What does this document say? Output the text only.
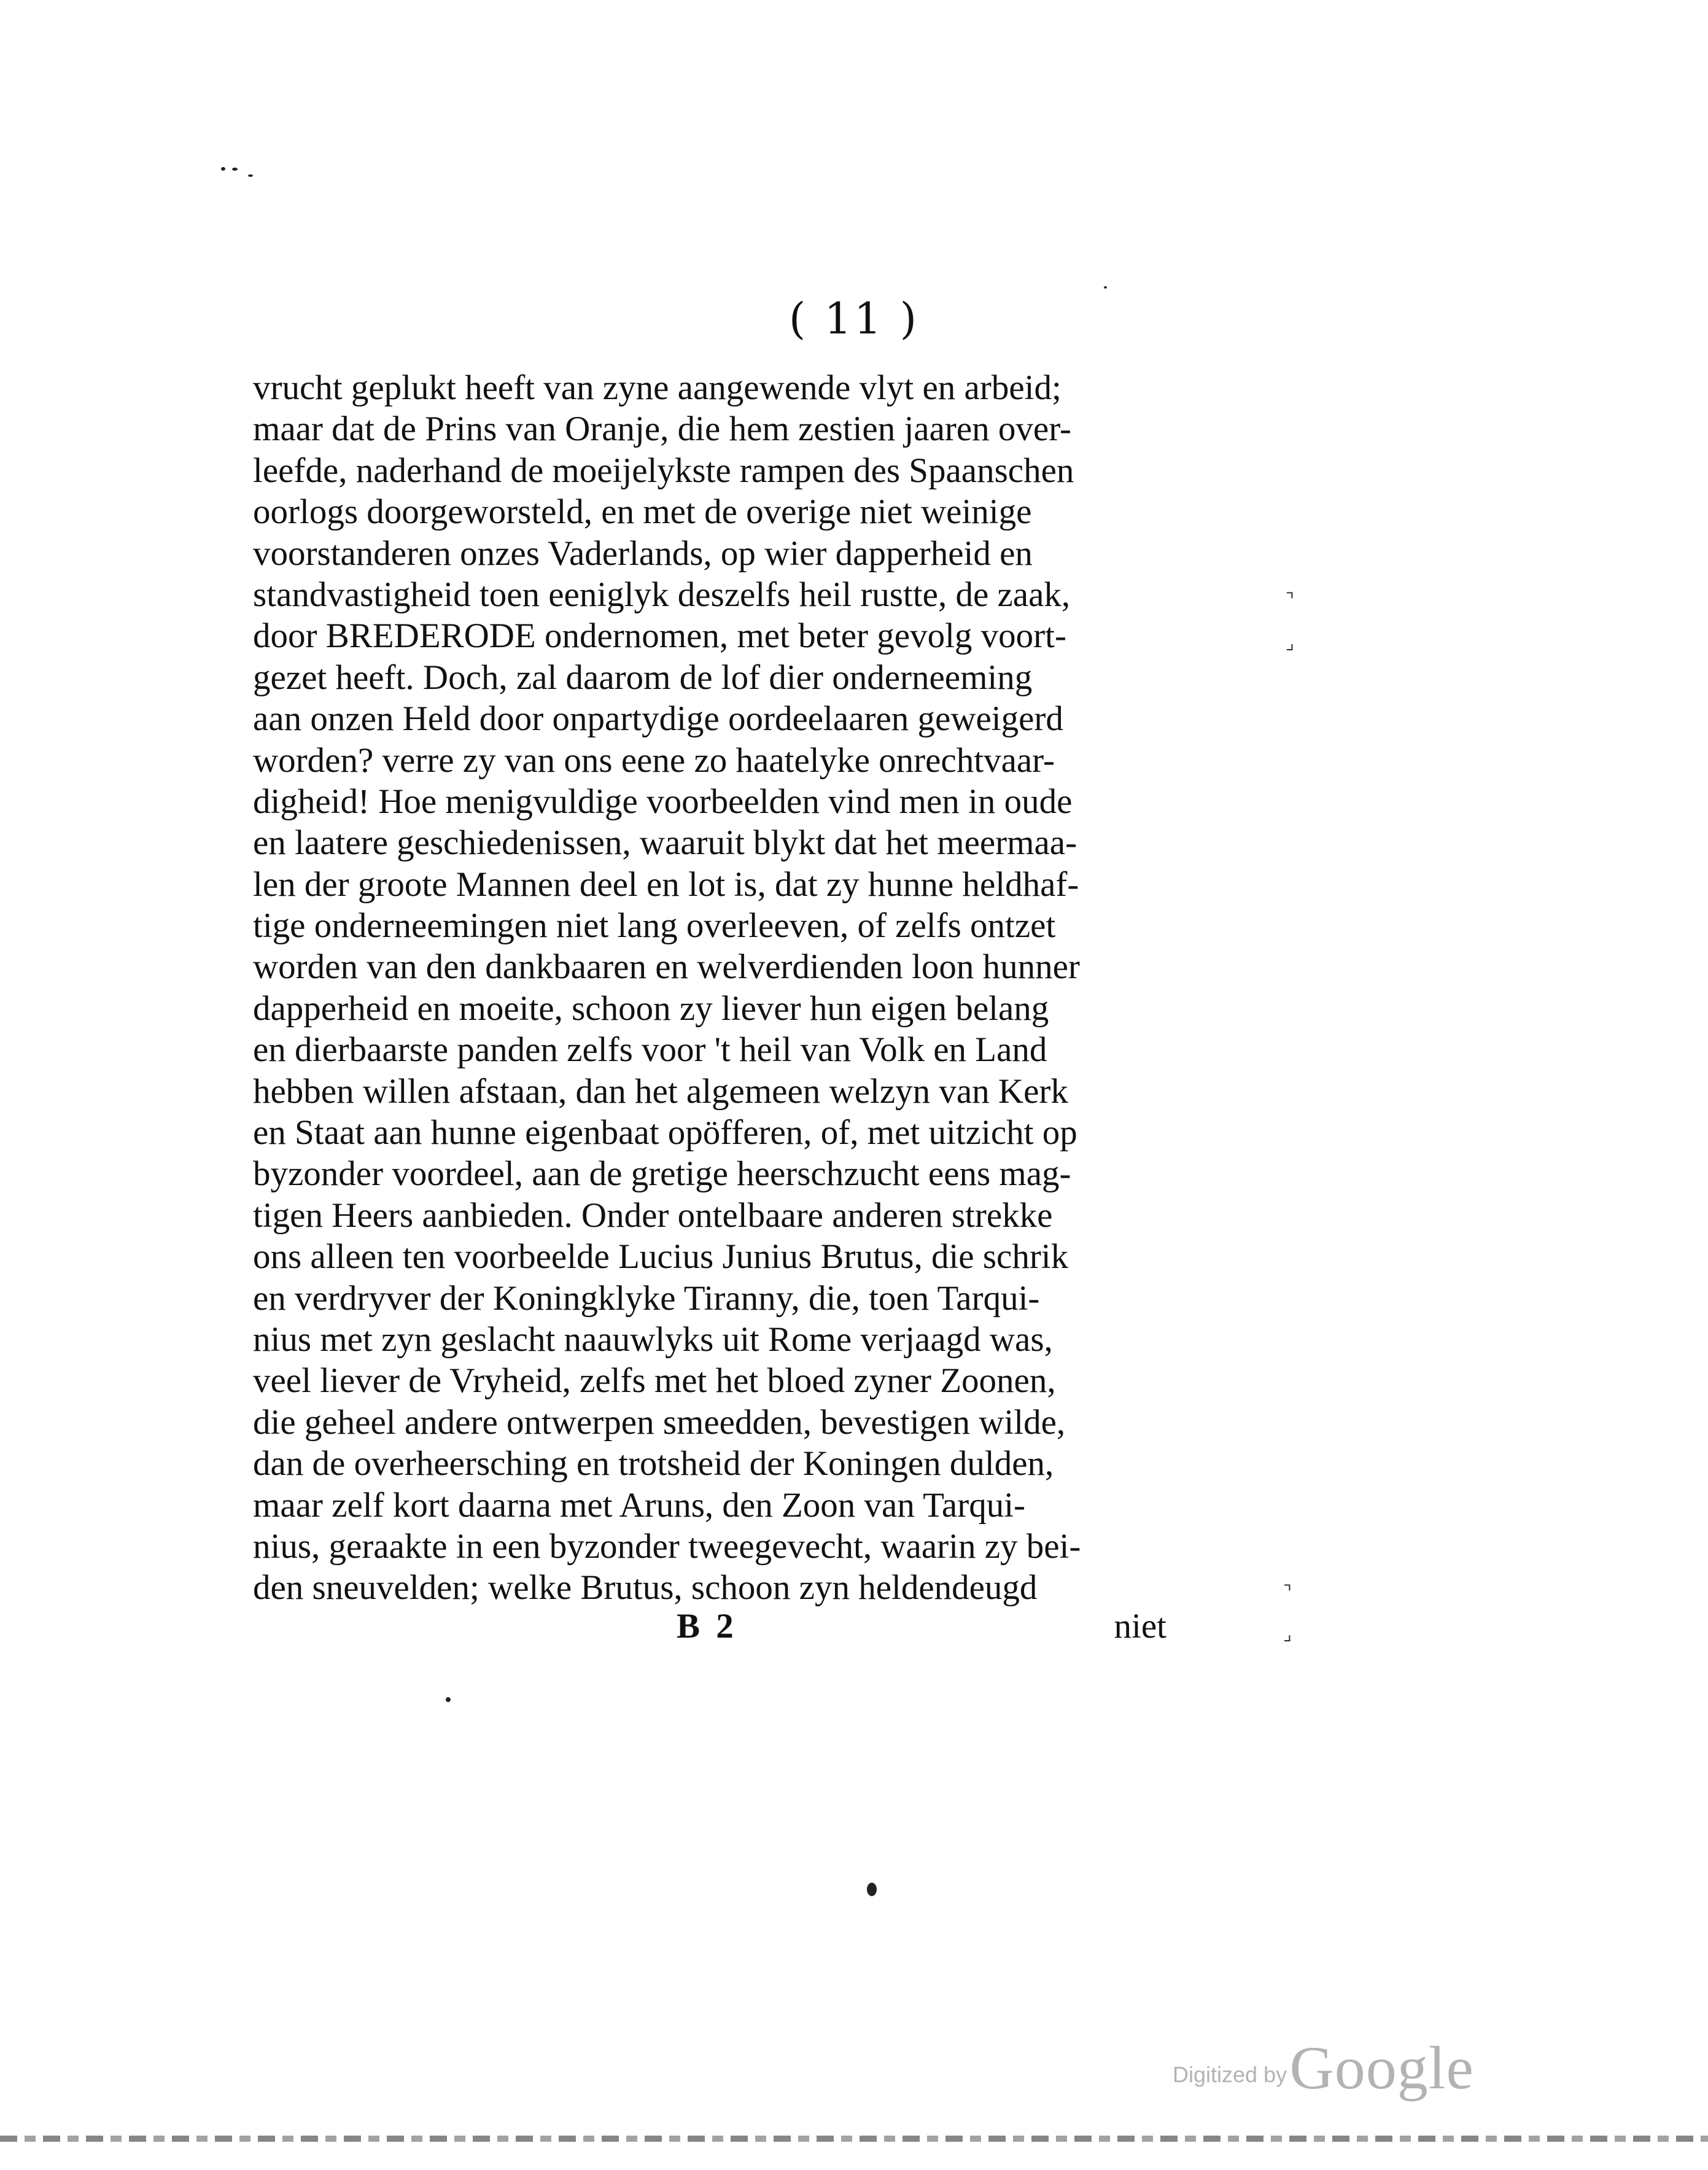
( 11 )
vrucht geplukt heeft van zyne aangewende vlyt en arbeid;
maar dat de Prins van Oranje, die hem zestien jaaren over-
leefde, naderhand de moeijelykste rampen des Spaanschen
oorlogs doorgeworsteld, en met de overige niet weinige
voorstanderen onzes Vaderlands, op wier dapperheid en
standvastigheid toen eeniglyk deszelfs heil rustte, de zaak,
door BREDERODE ondernomen, met beter gevolg voort-
gezet heeft. Doch, zal daarom de lof dier onderneeming
aan onzen Held door onpartydige oordeelaaren geweigerd
worden? verre zy van ons eene zo haatelyke onrechtvaar-
digheid! Hoe menigvuldige voorbeelden vind men in oude
en laatere geschiedenissen, waaruit blykt dat het meermaa-
len der groote Mannen deel en lot is, dat zy hunne heldhaf-
tige onderneemingen niet lang overleeven, of zelfs ontzet
worden van den dankbaaren en welverdienden loon hunner
dapperheid en moeite, schoon zy liever hun eigen belang
en dierbaarste panden zelfs voor 't heil van Volk en Land
hebben willen afstaan, dan het algemeen welzyn van Kerk
en Staat aan hunne eigenbaat opöfferen, of, met uitzicht op
byzonder voordeel, aan de gretige heerschzucht eens mag-
tigen Heers aanbieden. Onder ontelbaare anderen strekke
ons alleen ten voorbeelde Lucius Junius Brutus, die schrik
en verdryver der Koningklyke Tiranny, die, toen Tarqui-
nius met zyn geslacht naauwlyks uit Rome verjaagd was,
veel liever de Vryheid, zelfs met het bloed zyner Zoonen,
die geheel andere ontwerpen smeedden, bevestigen wilde,
dan de overheersching en trotsheid der Koningen dulden,
maar zelf kort daarna met Aruns, den Zoon van Tarqui-
nius, geraakte in een byzonder tweegevecht, waarin zy bei-
den sneuvelden; welke Brutus, schoon zyn heldendeugd
B 2	niet
⌝
⌟
⌝
⌟
Digitized by Google
